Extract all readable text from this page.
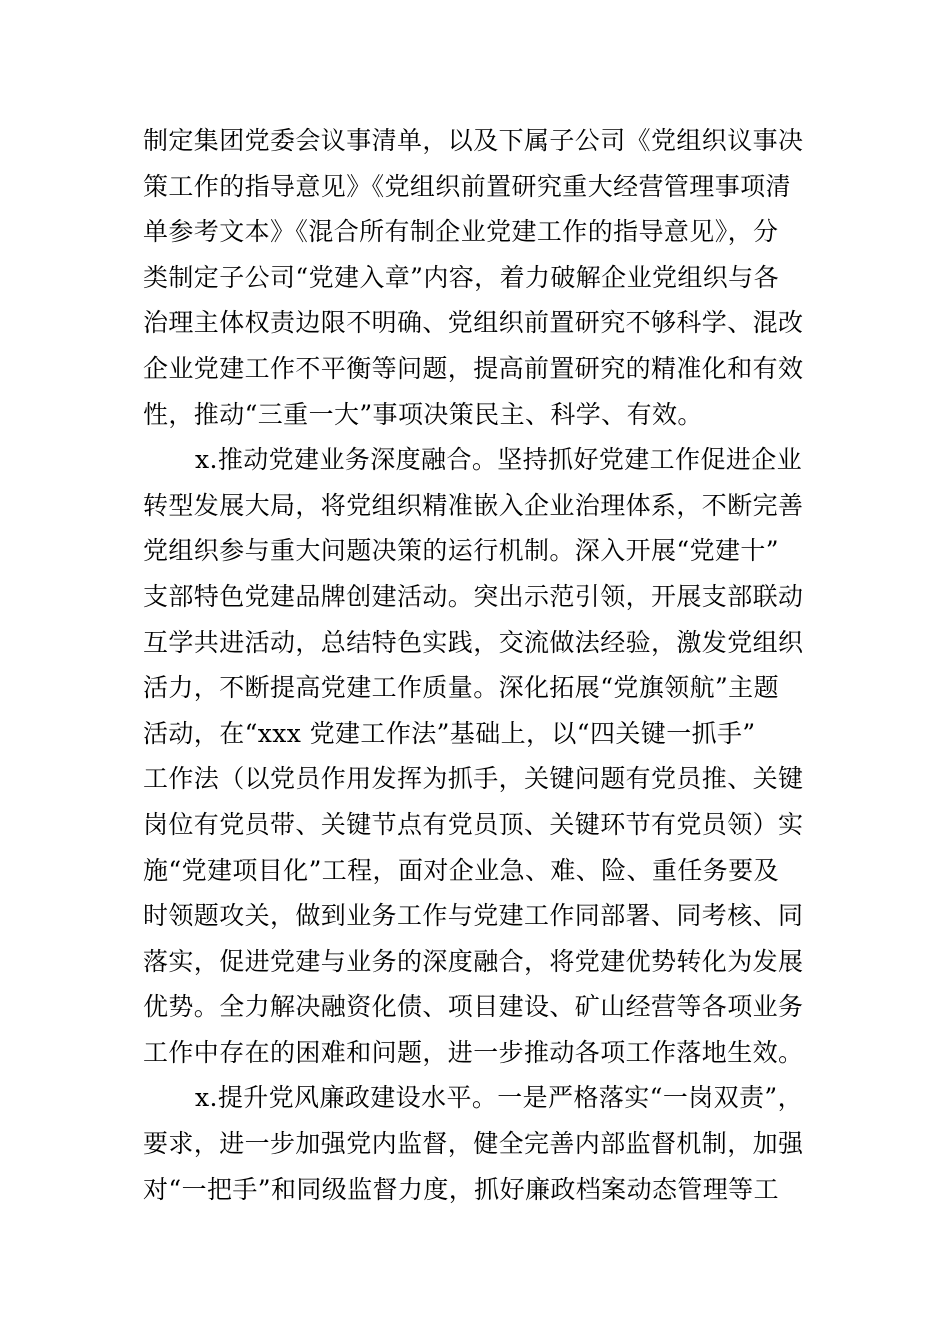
制定集团党委会议事清单，以及下属子公司《党组织议事决
策工作的指导意见》《党组织前置研究重大经营管理事项清
单参考文本》《混合所有制企业党建工作的指导意见》，分
类制定子公司“党建入章”内容，着力破解企业党组织与各
治理主体权责边限不明确、党组织前置研究不够科学、混改
企业党建工作不平衡等问题，提高前置研究的精准化和有效
性，推动“三重一大”事项决策民主、科学、有效。
x.推动党建业务深度融合。坚持抓好党建工作促进企业
转型发展大局，将党组织精准嵌入企业治理体系，不断完善
党组织参与重大问题决策的运行机制。深入开展“党建十”
支部特色党建品牌创建活动。突出示范引领，开展支部联动
互学共进活动，总结特色实践，交流做法经验，激发党组织
活力，不断提高党建工作质量。深化拓展“党旗领航”主题
活动，在“xxx 党建工作法”基础上，以“四关键一抓手”
工作法（以党员作用发挥为抓手，关键问题有党员推、关键
岗位有党员带、关键节点有党员顶、关键环节有党员领）实
施“党建项目化”工程，面对企业急、难、险、重任务要及
时领题攻关，做到业务工作与党建工作同部署、同考核、同
落实，促进党建与业务的深度融合，将党建优势转化为发展
优势。全力解决融资化债、项目建设、矿山经营等各项业务
工作中存在的困难和问题，进一步推动各项工作落地生效。
x.提升党风廉政建设水平。一是严格落实“一岗双责”，
要求，进一步加强党内监督，健全完善内部监督机制，加强
对“一把手”和同级监督力度，抓好廉政档案动态管理等工
